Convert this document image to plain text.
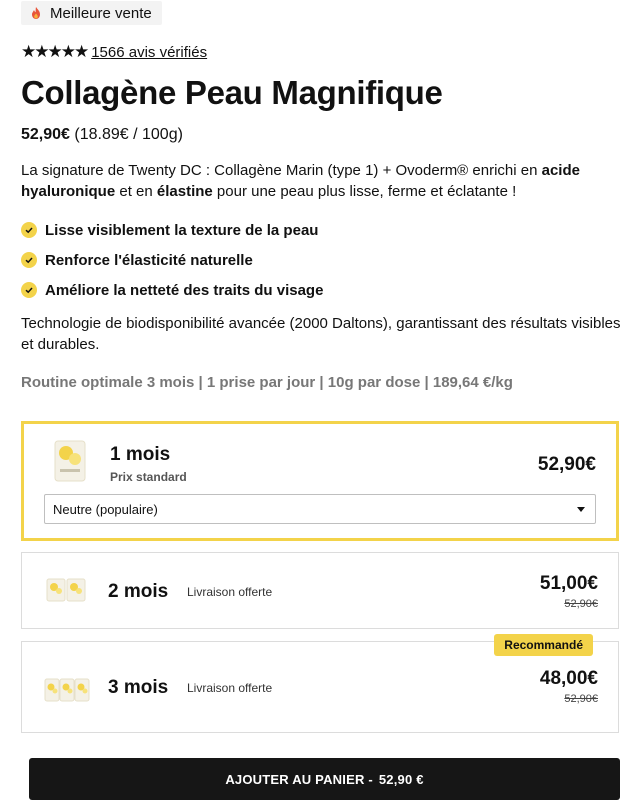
Meilleure vente
★★★★★ 1566 avis vérifiés
Collagène Peau Magnifique
52,90€ (18.89€ / 100g)

La signature de Twenty DC : Collagène Marin (type 1) + Ovoderm® enrichi en acide hyaluronique et en élastine pour une peau plus lisse, ferme et éclatante !

Lisse visiblement la texture de la peau
Renforce l'élasticité naturelle
Améliore la netteté des traits du visage

Technologie de biodisponibilité avancée (2000 Daltons), garantissant des résultats visibles et durables.

Routine optimale 3 mois | 1 prise par jour | 10g par dose | 189,64 €/kg
1 mois
Prix standard
52,90€
Neutre (populaire)
2 mois Livraison offerte	51,00€
52,90€
Recommandé
3 mois Livraison offerte	48,00€
52,90€
AJOUTER AU PANIER - 52,90 €
